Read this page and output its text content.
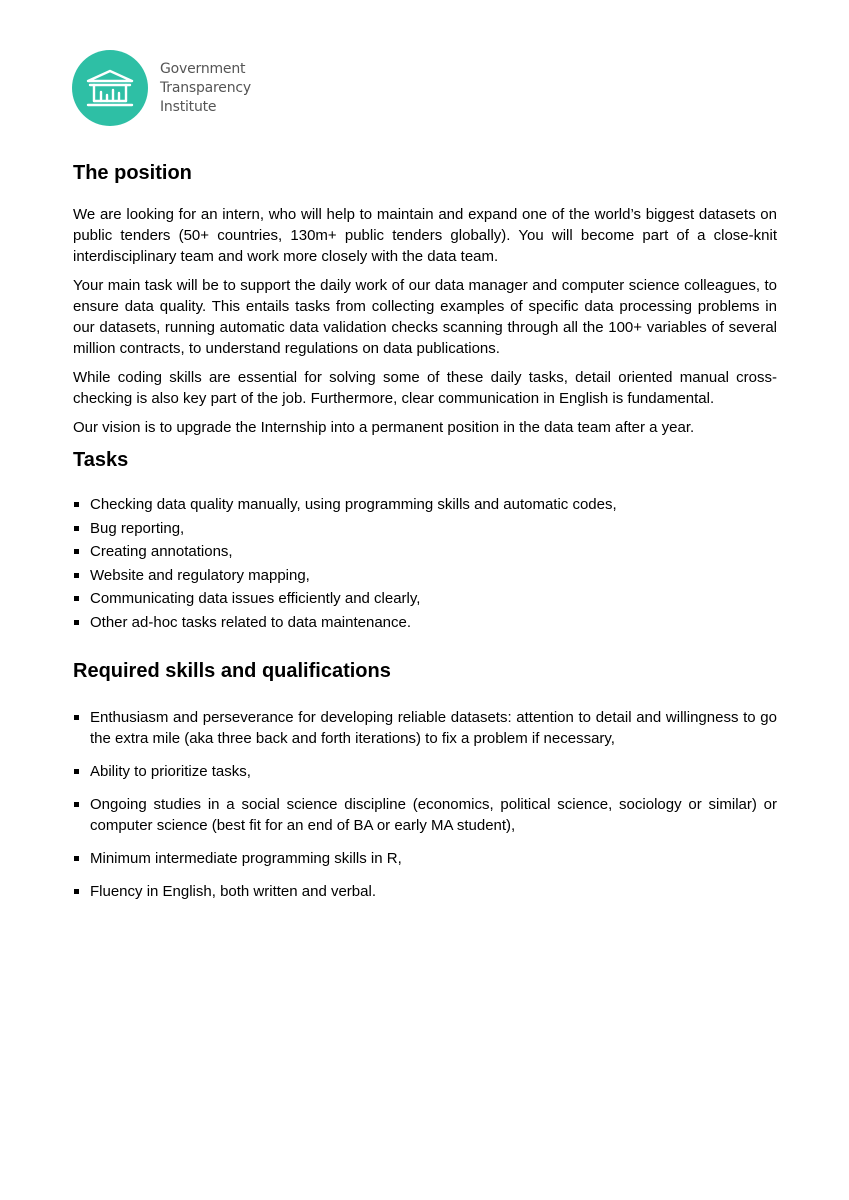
Government
Transparency
Institute
The position

We are looking for an intern, who will help to maintain and expand one of the world’s biggest datasets on public tenders (50+ countries, 130m+ public tenders globally). You will become part of a close-knit interdisciplinary team and work more closely with the data team.

Your main task will be to support the daily work of our data manager and computer science colleagues, to ensure data quality. This entails tasks from collecting examples of specific data processing problems in our datasets, running automatic data validation checks scanning through all the 100+ variables of several million contracts, to understand regulations on data publications.

While coding skills are essential for solving some of these daily tasks, detail oriented manual cross-checking is also key part of the job. Furthermore, clear communication in English is fundamental.

Our vision is to upgrade the Internship into a permanent position in the data team after a year.

Tasks
Checking data quality manually, using programming skills and automatic codes,
Bug reporting,
Creating annotations,
Website and regulatory mapping,
Communicating data issues efficiently and clearly,
Other ad-hoc tasks related to data maintenance.
Required skills and qualifications
Enthusiasm and perseverance for developing reliable datasets: attention to detail and willingness to go the extra mile (aka three back and forth iterations) to fix a problem if necessary,
Ability to prioritize tasks,
Ongoing studies in a social science discipline (economics, political science, sociology or similar) or computer science (best fit for an end of BA or early MA student),
Minimum intermediate programming skills in R,
Fluency in English, both written and verbal.
